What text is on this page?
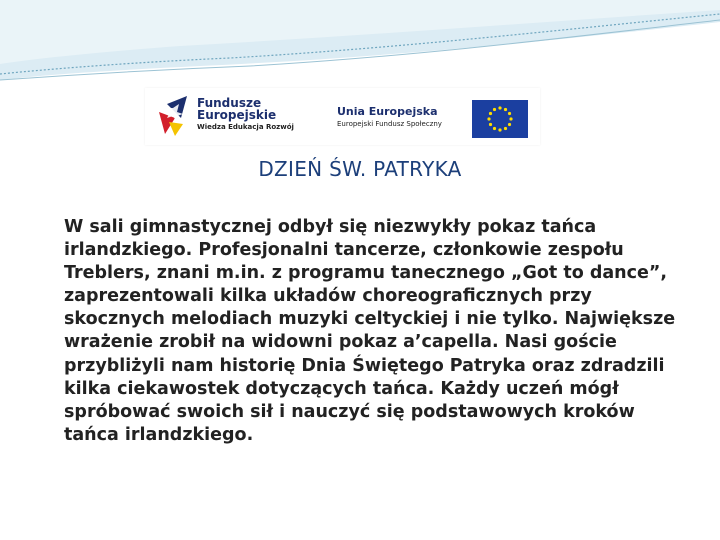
Fundusze
Europejskie
Wiedza Edukacja Rozwój
Unia Europejska
Europejski Fundusz Społeczny
DZIEŃ ŚW. PATRYKA

W sali gimnastycznej odbył się niezwykły pokaz tańca irlandzkiego. Profesjonalni tancerze, członkowie zespołu Treblers, znani m.in. z programu tanecznego „Got to dance”, zaprezentowali kilka układów choreograficznych przy skocznych melodiach muzyki celtyckiej i nie tylko. Największe wrażenie zrobił na widowni pokaz a’capella. Nasi goście przybliżyli nam historię Dnia Świętego Patryka oraz zdradzili kilka ciekawostek dotyczących tańca. Każdy uczeń mógł spróbować swoich sił i nauczyć się podstawowych kroków tańca irlandzkiego.
